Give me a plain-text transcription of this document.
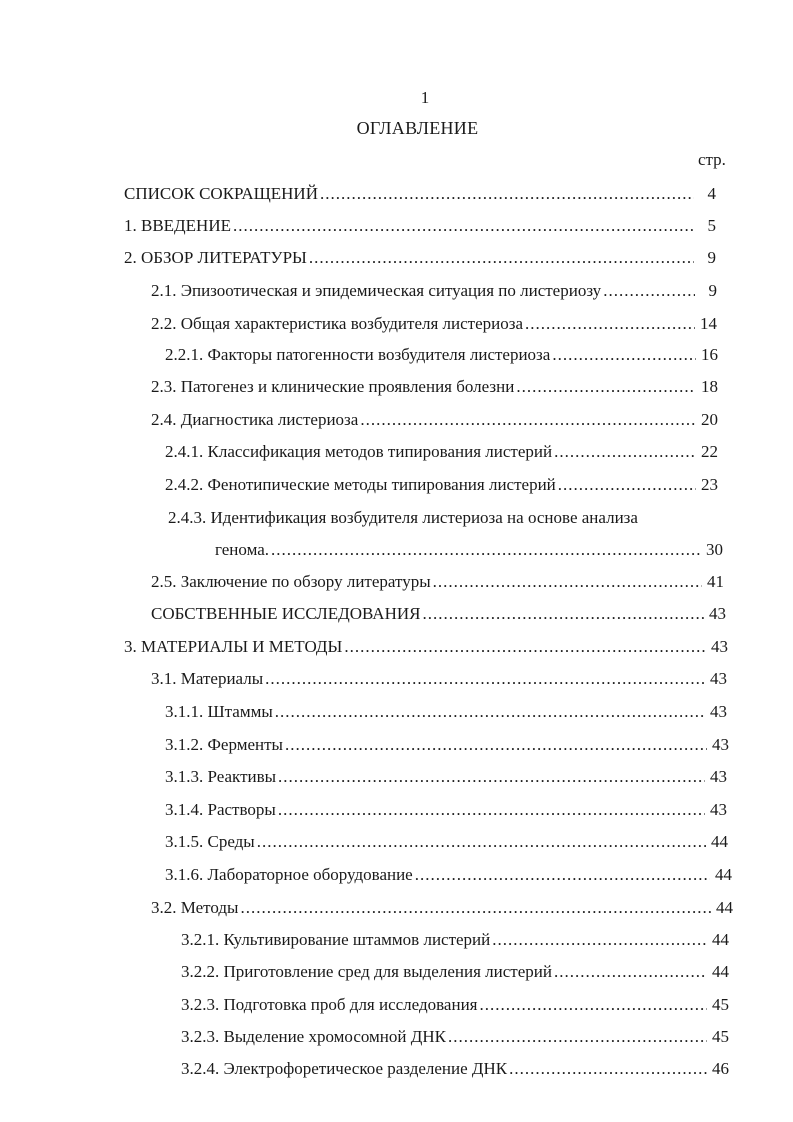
1
ОГЛАВЛЕНИЕ
стр.
СПИСОК СОКРАЩЕНИЙ .....	4
1. ВВЕДЕНИЕ .....	5
2. ОБЗОР ЛИТЕРАТУРЫ .....	9
2.1. Эпизоотическая и эпидемическая ситуация по листериозу .....	9
2.2. Общая характеристика возбудителя листериоза .....	14
2.2.1. Факторы патогенности возбудителя листериоза .....	16
2.3. Патогенез и клинические проявления болезни .....	18
2.4. Диагностика листериоза .....	20
2.4.1. Классификация методов типирования листерий .....	22
2.4.2. Фенотипические методы типирования листерий .....	23
2.4.3. Идентификация возбудителя листериоза на основе анализа
генома. .....	30
2.5. Заключение по обзору литературы .....	41
СОБСТВЕННЫЕ ИССЛЕДОВАНИЯ .....	43
3. МАТЕРИАЛЫ И МЕТОДЫ .....	43
3.1. Материалы .....	43
3.1.1. Штаммы .....	43
3.1.2. Ферменты .....	43
3.1.3. Реактивы .....	43
3.1.4. Растворы .....	43
3.1.5. Среды .....	44
3.1.6. Лабораторное оборудование .....	44
3.2. Методы .....	44
3.2.1. Культивирование штаммов листерий .....	44
3.2.2. Приготовление сред для выделения листерий .....	44
3.2.3. Подготовка проб для исследования .....	45
3.2.3. Выделение хромосомной ДНК .....	45
3.2.4. Электрофоретическое разделение ДНК .....	46
